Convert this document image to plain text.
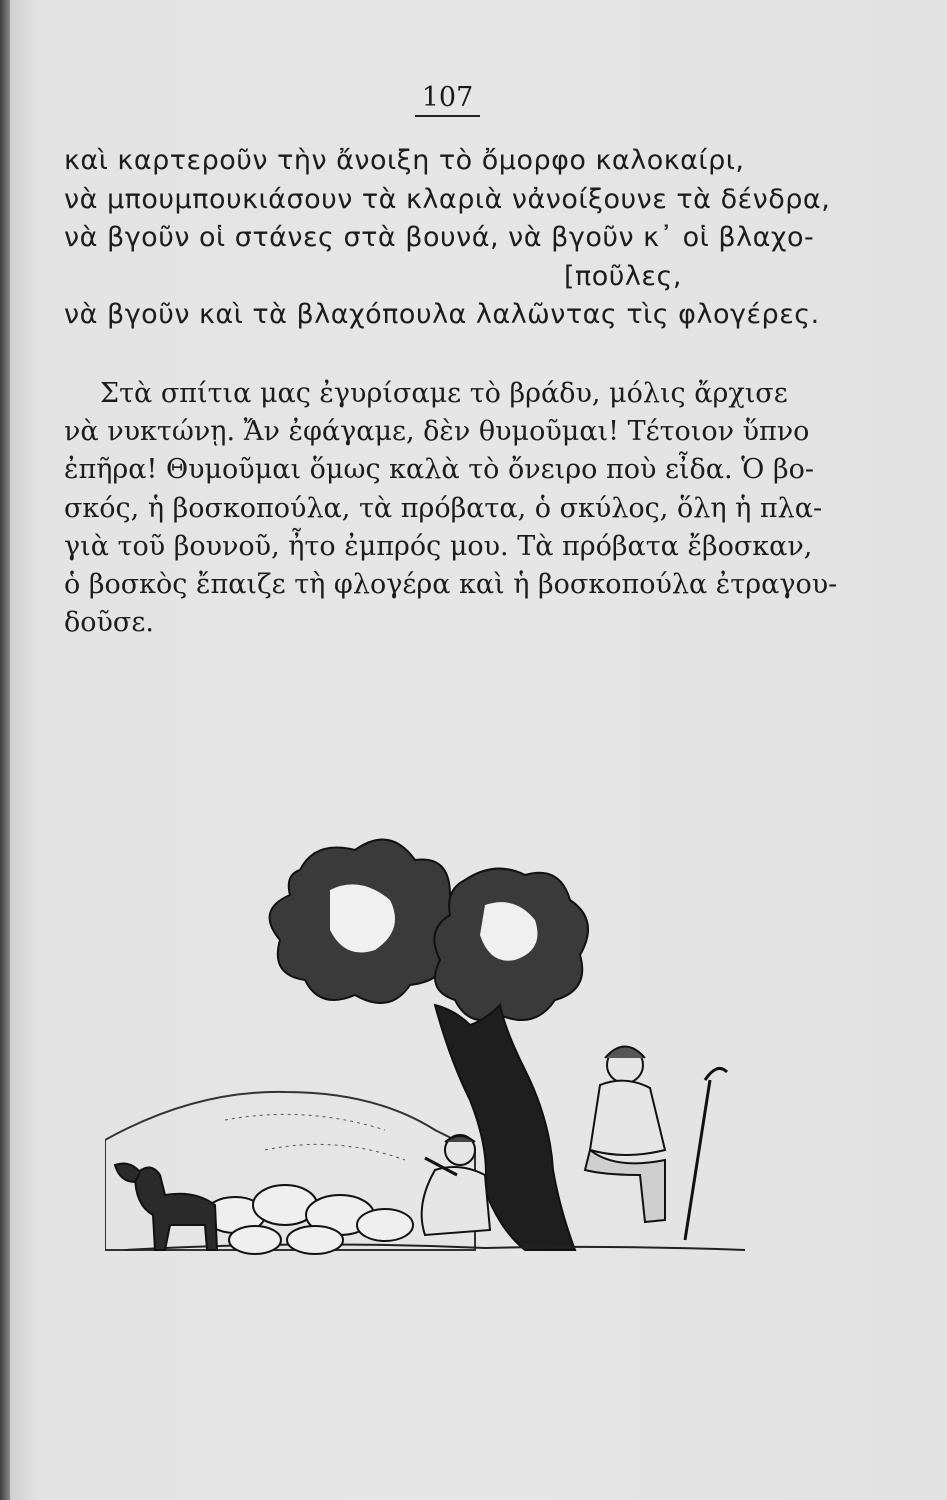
107
καὶ καρτεροῦν τὴν ἄνοιξη τὸ ὄμορφο καλοκαίρι,
νὰ μπουμπουκιάσουν τὰ κλαριὰ νἀνοίξουνε τὰ δένδρα,
νὰ βγοῦν οἱ στάνες στὰ βουνά, νὰ βγοῦν κ᾽ οἱ βλαχο-
[ποῦλες,
νὰ βγοῦν καὶ τὰ βλαχόπουλα λαλῶντας τὶς φλογέρες.
Στὰ σπίτια μας ἐγυρίσαμε τὸ βράδυ, μόλις ἄρχισε
νὰ νυκτώνῃ. Ἄν ἐφάγαμε, δὲν θυμοῦμαι! Τέτοιον ὕπνο
ἐπῆρα! Θυμοῦμαι ὅμως καλὰ τὸ ὄνειρο ποὺ εἶδα. Ὁ βο-
σκός, ἡ βοσκοπούλα, τὰ πρόβατα, ὁ σκύλος, ὅλη ἡ πλα-
γιὰ τοῦ βουνοῦ, ἦτο ἐμπρός μου. Τὰ πρόβατα ἔβοσκαν,
ὁ βοσκὸς ἔπαιζε τὴ φλογέρα καὶ ἡ βοσκοπούλα ἐτραγου-
δοῦσε.
